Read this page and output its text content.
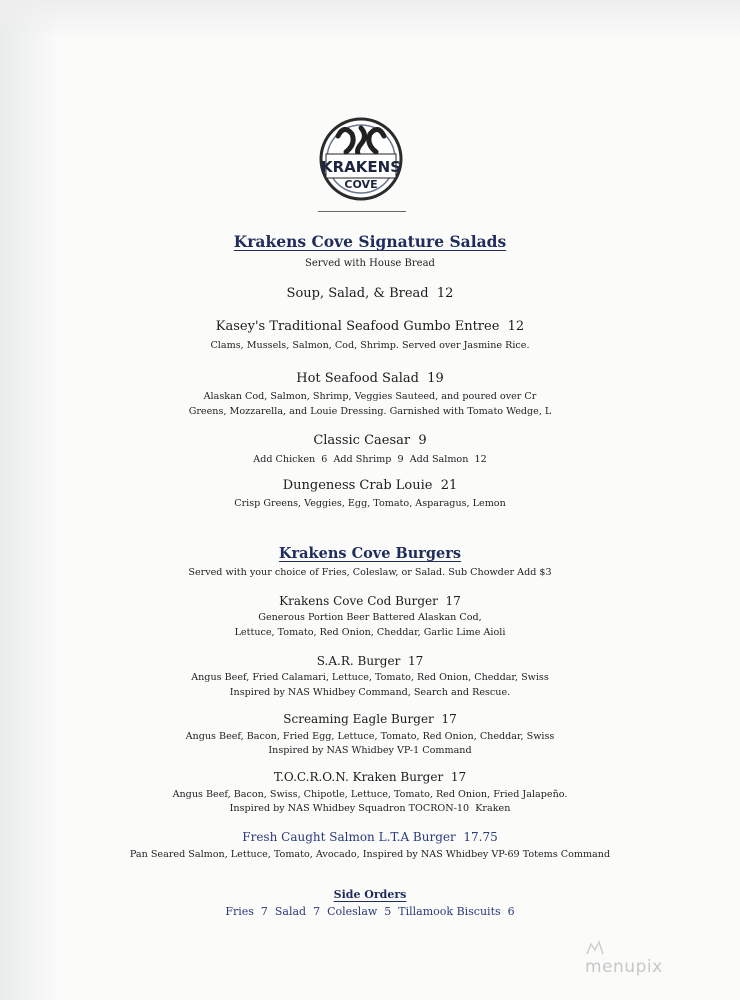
KRAKENS
COVE
Krakens Cove Signature Salads
Served with House Bread
Soup, Salad, & Bread 12
Kasey's Traditional Seafood Gumbo Entree 12
Clams, Mussels, Salmon, Cod, Shrimp. Served over Jasmine Rice.
Hot Seafood Salad 19
Alaskan Cod, Salmon, Shrimp, Veggies Sauteed, and poured over Cr
Greens, Mozzarella, and Louie Dressing. Garnished with Tomato Wedge, L
Classic Caesar 9
Add Chicken  6  Add Shrimp  9  Add Salmon  12
Dungeness Crab Louie 21
Crisp Greens, Veggies, Egg, Tomato, Asparagus, Lemon
Krakens Cove Burgers
Served with your choice of Fries, Coleslaw, or Salad. Sub Chowder Add $3
Krakens Cove Cod Burger 17
Generous Portion Beer Battered Alaskan Cod,
Lettuce, Tomato, Red Onion, Cheddar, Garlic Lime Aioli
S.A.R. Burger 17
Angus Beef, Fried Calamari, Lettuce, Tomato, Red Onion, Cheddar, Swiss
Inspired by NAS Whidbey Command, Search and Rescue.
Screaming Eagle Burger 17
Angus Beef, Bacon, Fried Egg, Lettuce, Tomato, Red Onion, Cheddar, Swiss
Inspired by NAS Whidbey VP-1 Command
T.O.C.R.O.N. Kraken Burger 17
Angus Beef, Bacon, Swiss, Chipotle, Lettuce, Tomato, Red Onion, Fried Jalapeño.
Inspired by NAS Whidbey Squadron TOCRON-10  Kraken
Fresh Caught Salmon L.T.A Burger 17.75
Pan Seared Salmon, Lettuce, Tomato, Avocado, Inspired by NAS Whidbey VP-69 Totems Command
Side Orders
Fries  7  Salad  7  Coleslaw  5  Tillamook Biscuits  6
menupix
